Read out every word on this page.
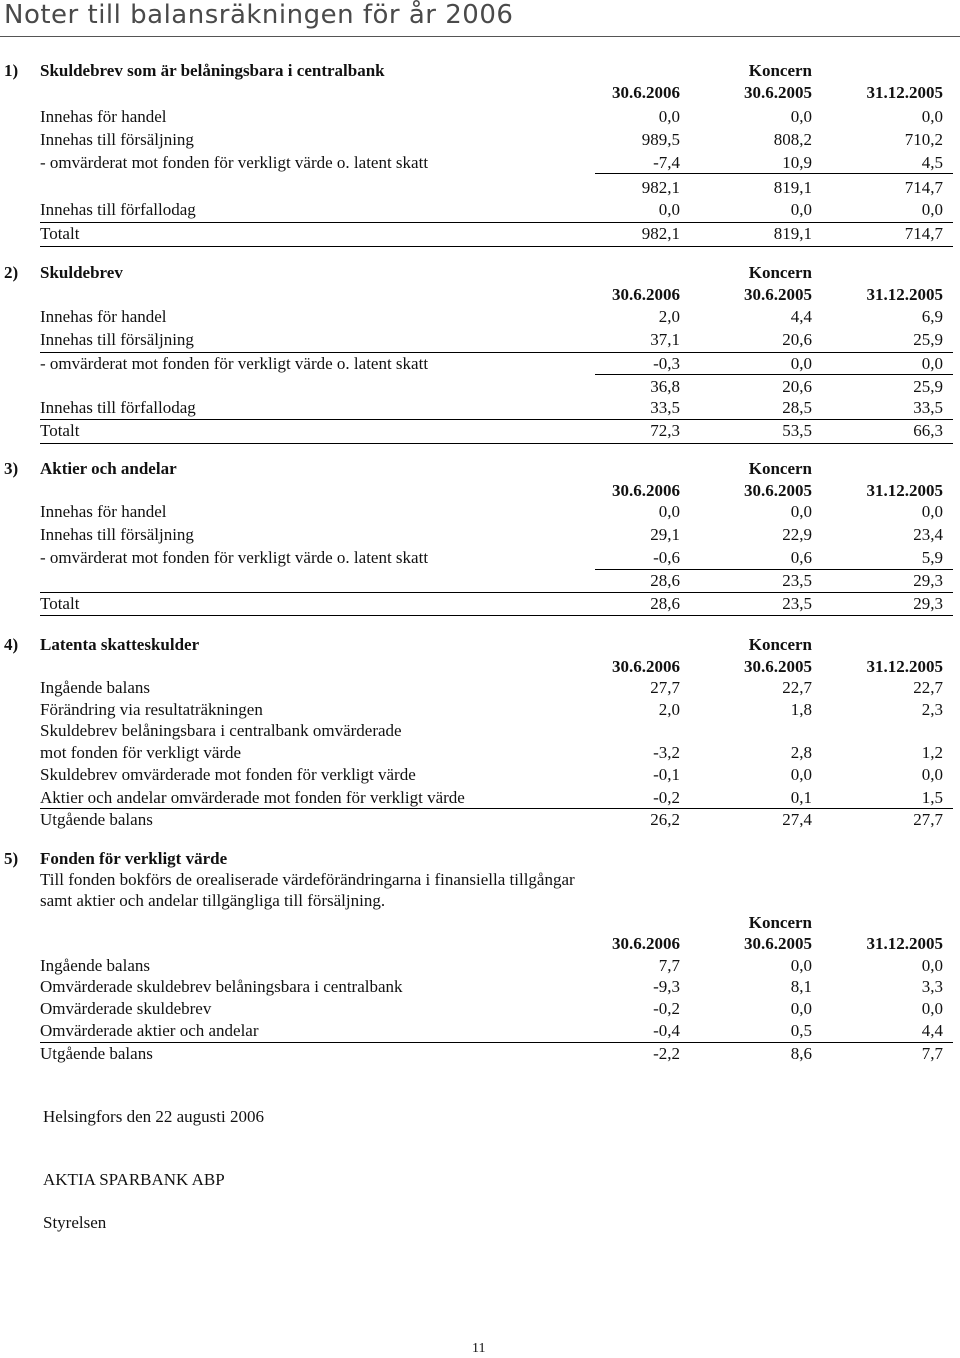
Noter till balansräkningen för år 2006
1) Skuldebrev som är belåningsbara i centralbank	Koncern
30.6.2006	30.6.2005	31.12.2005
Innehas för handel	0,0	0,0	0,0
Innehas till försäljning	989,5	808,2	710,2
- omvärderat mot fonden för verkligt värde o. latent skatt	-7,4	10,9	4,5
982,1	819,1	714,7
Innehas till förfallodag	0,0	0,0	0,0
Totalt	982,1	819,1	714,7
2) Skuldebrev	Koncern
30.6.2006	30.6.2005	31.12.2005
Innehas för handel	2,0	4,4	6,9
Innehas till försäljning	37,1	20,6	25,9
- omvärderat mot fonden för verkligt värde o. latent skatt	-0,3	0,0	0,0
36,8	20,6	25,9
Innehas till förfallodag	33,5	28,5	33,5
Totalt	72,3	53,5	66,3
3) Aktier och andelar	Koncern
30.6.2006	30.6.2005	31.12.2005
Innehas för handel	0,0	0,0	0,0
Innehas till försäljning	29,1	22,9	23,4
- omvärderat mot fonden för verkligt värde o. latent skatt	-0,6	0,6	5,9
28,6	23,5	29,3
Totalt	28,6	23,5	29,3
4) Latenta skatteskulder	Koncern
30.6.2006	30.6.2005	31.12.2005
Ingående balans	27,7	22,7	22,7
Förändring via resultaträkningen	2,0	1,8	2,3
Skuldebrev belåningsbara i centralbank omvärderade
mot fonden för verkligt värde	-3,2	2,8	1,2
Skuldebrev omvärderade mot fonden för verkligt värde	-0,1	0,0	0,0
Aktier och andelar omvärderade mot fonden för verkligt värde	-0,2	0,1	1,5
Utgående balans	26,2	27,4	27,7
5) Fonden för verkligt värde
Till fonden bokförs de orealiserade värdeförändringarna i finansiella tillgångar
samt aktier och andelar tillgängliga till försäljning.
Koncern
30.6.2006	30.6.2005	31.12.2005
Ingående balans	7,7	0,0	0,0
Omvärderade skuldebrev belåningsbara i centralbank	-9,3	8,1	3,3
Omvärderade skuldebrev	-0,2	0,0	0,0
Omvärderade aktier och andelar	-0,4	0,5	4,4
Utgående balans	-2,2	8,6	7,7
Helsingfors den 22 augusti 2006
AKTIA SPARBANK ABP
Styrelsen
11
